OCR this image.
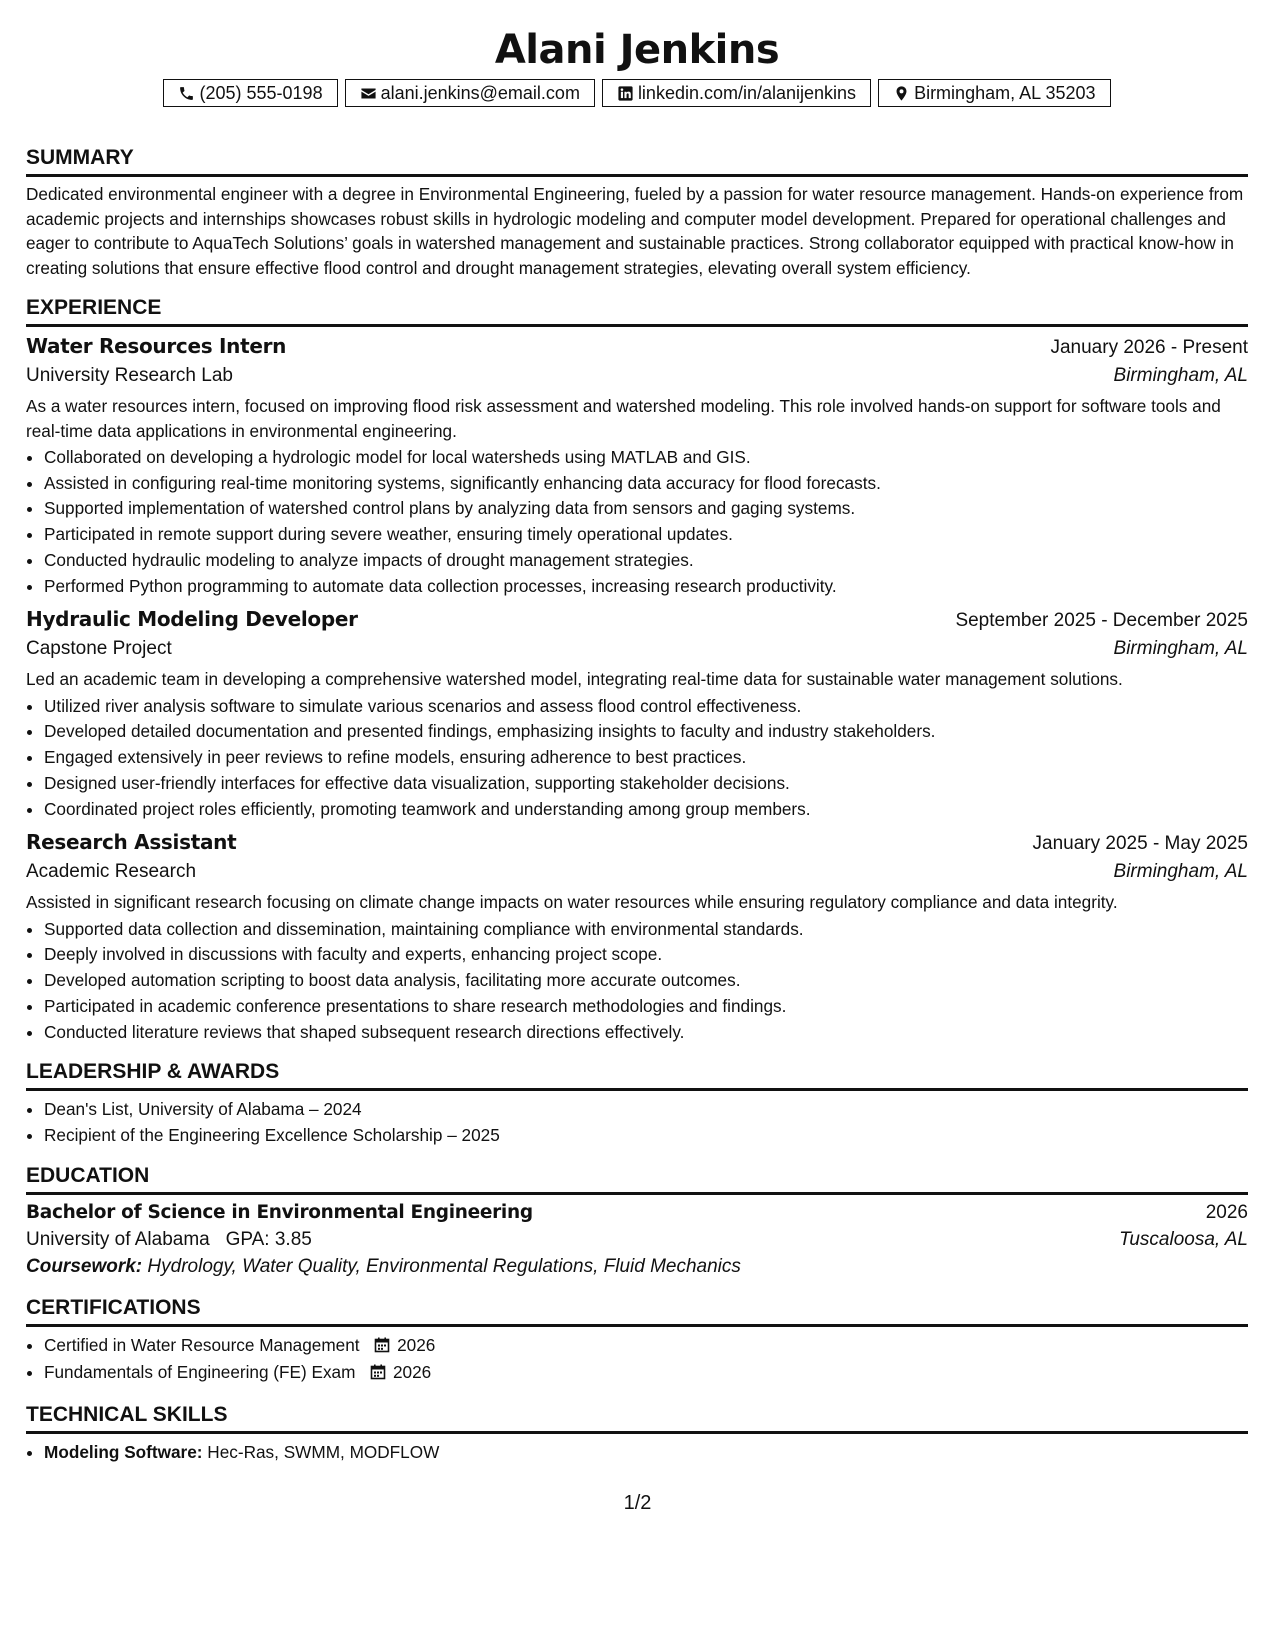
Alani Jenkins
(205) 555-0198	alani.jenkins@email.com	linkedin.com/in/alanijenkins	Birmingham, AL 35203
SUMMARY

Dedicated environmental engineer with a degree in Environmental Engineering, fueled by a passion for water resource management. Hands-on experience from academic projects and internships showcases robust skills in hydrologic modeling and computer model development. Prepared for operational challenges and eager to contribute to AquaTech Solutions’ goals in watershed management and sustainable practices. Strong collaborator equipped with practical know-how in creating solutions that ensure effective flood control and drought management strategies, elevating overall system efficiency.

EXPERIENCE
Water Resources Intern	January 2026 - Present
University Research Lab	Birmingham, AL

As a water resources intern, focused on improving flood risk assessment and watershed modeling. This role involved hands-on support for software tools and real-time data applications in environmental engineering.

• Collaborated on developing a hydrologic model for local watersheds using MATLAB and GIS.
• Assisted in configuring real-time monitoring systems, significantly enhancing data accuracy for flood forecasts.
• Supported implementation of watershed control plans by analyzing data from sensors and gaging systems.
• Participated in remote support during severe weather, ensuring timely operational updates.
• Conducted hydraulic modeling to analyze impacts of drought management strategies.
• Performed Python programming to automate data collection processes, increasing research productivity.
Hydraulic Modeling Developer	September 2025 - December 2025
Capstone Project	Birmingham, AL

Led an academic team in developing a comprehensive watershed model, integrating real-time data for sustainable water management solutions.

• Utilized river analysis software to simulate various scenarios and assess flood control effectiveness.
• Developed detailed documentation and presented findings, emphasizing insights to faculty and industry stakeholders.
• Engaged extensively in peer reviews to refine models, ensuring adherence to best practices.
• Designed user-friendly interfaces for effective data visualization, supporting stakeholder decisions.
• Coordinated project roles efficiently, promoting teamwork and understanding among group members.
Research Assistant	January 2025 - May 2025
Academic Research	Birmingham, AL

Assisted in significant research focusing on climate change impacts on water resources while ensuring regulatory compliance and data integrity.

• Supported data collection and dissemination, maintaining compliance with environmental standards.
• Deeply involved in discussions with faculty and experts, enhancing project scope.
• Developed automation scripting to boost data analysis, facilitating more accurate outcomes.
• Participated in academic conference presentations to share research methodologies and findings.
• Conducted literature reviews that shaped subsequent research directions effectively.
LEADERSHIP & AWARDS
• Dean's List, University of Alabama – 2024
• Recipient of the Engineering Excellence Scholarship – 2025
EDUCATION
Bachelor of Science in Environmental Engineering	2026
University of Alabama GPA: 3.85	Tuscaloosa, AL
Coursework: Hydrology, Water Quality, Environmental Regulations, Fluid Mechanics
CERTIFICATIONS
• Certified in Water Resource Management 2026
• Fundamentals of Engineering (FE) Exam 2026
TECHNICAL SKILLS
• Modeling Software: Hec-Ras, SWMM, MODFLOW
1/2
